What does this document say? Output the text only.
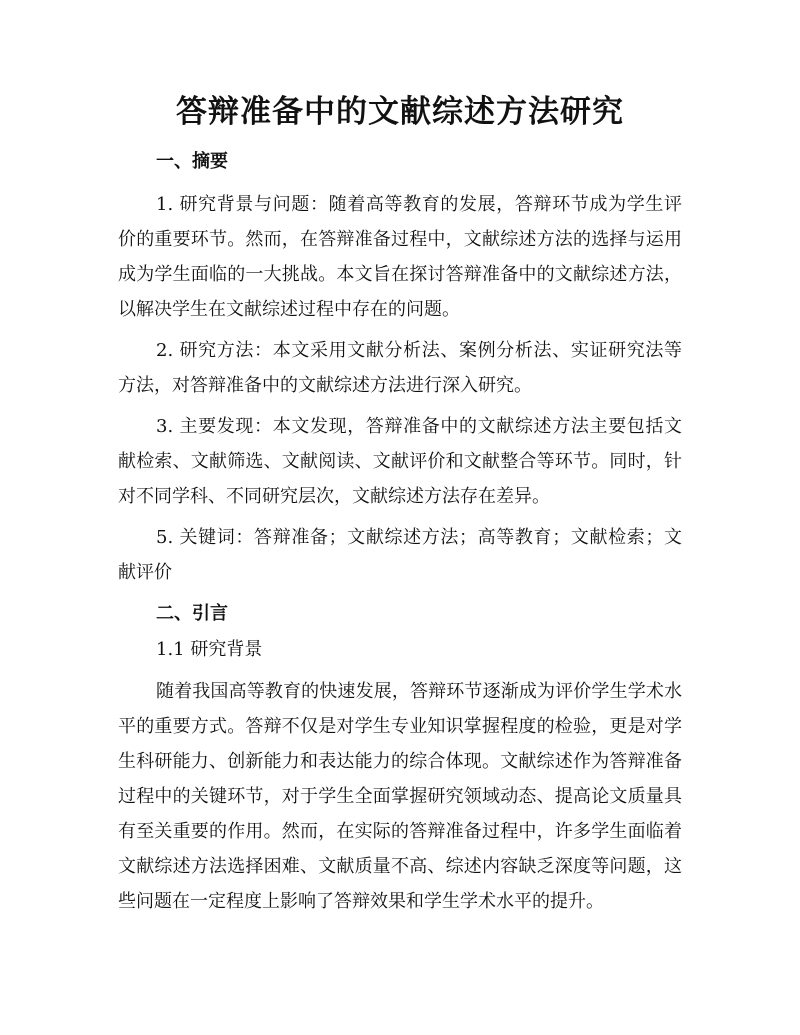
答辩准备中的文献综述方法研究

一、摘要

1. 研究背景与问题：随着高等教育的发展，答辩环节成为学生评价的重要环节。然而，在答辩准备过程中，文献综述方法的选择与运用成为学生面临的一大挑战。本文旨在探讨答辩准备中的文献综述方法，以解决学生在文献综述过程中存在的问题。

2. 研究方法：本文采用文献分析法、案例分析法、实证研究法等方法，对答辩准备中的文献综述方法进行深入研究。

3. 主要发现：本文发现，答辩准备中的文献综述方法主要包括文献检索、文献筛选、文献阅读、文献评价和文献整合等环节。同时，针对不同学科、不同研究层次，文献综述方法存在差异。

5. 关键词：答辩准备；文献综述方法；高等教育；文献检索；文献评价

二、引言

1.1 研究背景

随着我国高等教育的快速发展，答辩环节逐渐成为评价学生学术水平的重要方式。答辩不仅是对学生专业知识掌握程度的检验，更是对学生科研能力、创新能力和表达能力的综合体现。文献综述作为答辩准备过程中的关键环节，对于学生全面掌握研究领域动态、提高论文质量具有至关重要的作用。然而，在实际的答辩准备过程中，许多学生面临着文献综述方法选择困难、文献质量不高、综述内容缺乏深度等问题，这些问题在一定程度上影响了答辩效果和学生学术水平的提升。
